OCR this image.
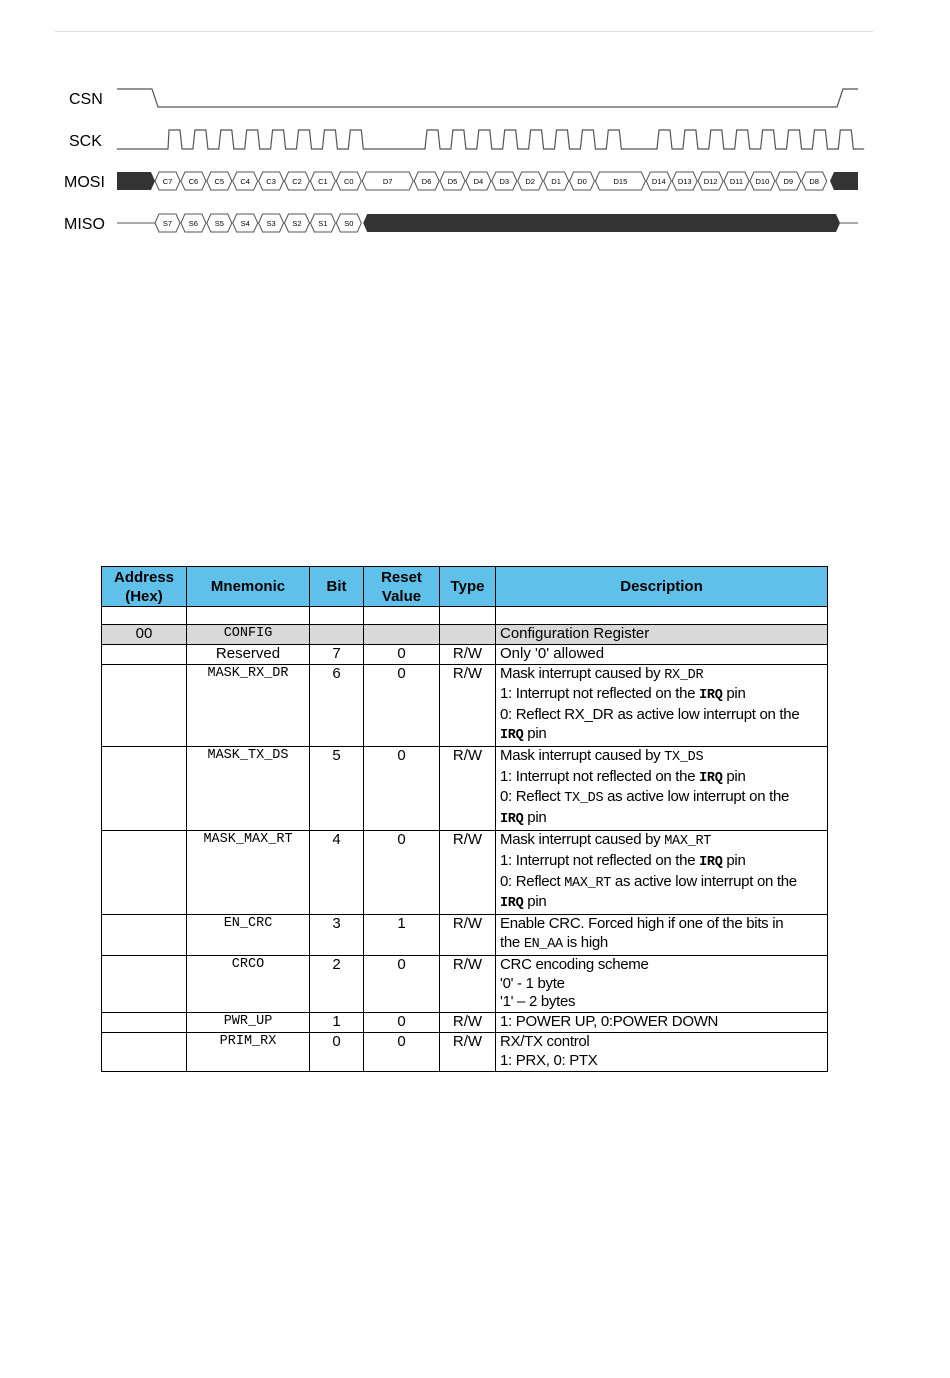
CSN
SCK
MOSI
MISO
C7 C6 C5 C4 C3 C2 C1 C0	D7	D6 D5 D4 D3 D2 D1 D0	D15	D14 D13 D12 D11 D10 D9 D8
S7 S6 S5 S4 S3 S2 S1 S0
Address (Hex)	Mnemonic	Bit	Reset Value	Type	Description

00	CONFIG				Configuration Register
	Reserved	7	0	R/W	Only '0' allowed
	MASK_RX_DR	6	0	R/W	Mask interrupt caused by RX_DR
1: Interrupt not reflected on the IRQ pin
0: Reflect RX_DR as active low interrupt on the
IRQ pin

	MASK_TX_DS	5	0	R/W	Mask interrupt caused by TX_DS
1: Interrupt not reflected on the IRQ pin
0: Reflect TX_DS as active low interrupt on the
IRQ pin

	MASK_MAX_RT	4	0	R/W	Mask interrupt caused by MAX_RT
1: Interrupt not reflected on the IRQ pin
0: Reflect MAX_RT as active low interrupt on the
IRQ pin

	EN_CRC	3	1	R/W	Enable CRC. Forced high if one of the bits in
the EN_AA is high

	CRCO	2	0	R/W	CRC encoding scheme
'0' - 1 byte
'1' – 2 bytes

	PWR_UP	1	0	R/W	1: POWER UP, 0:POWER DOWN
	PRIM_RX	0	0	R/W	RX/TX control
1: PRX, 0: PTX
